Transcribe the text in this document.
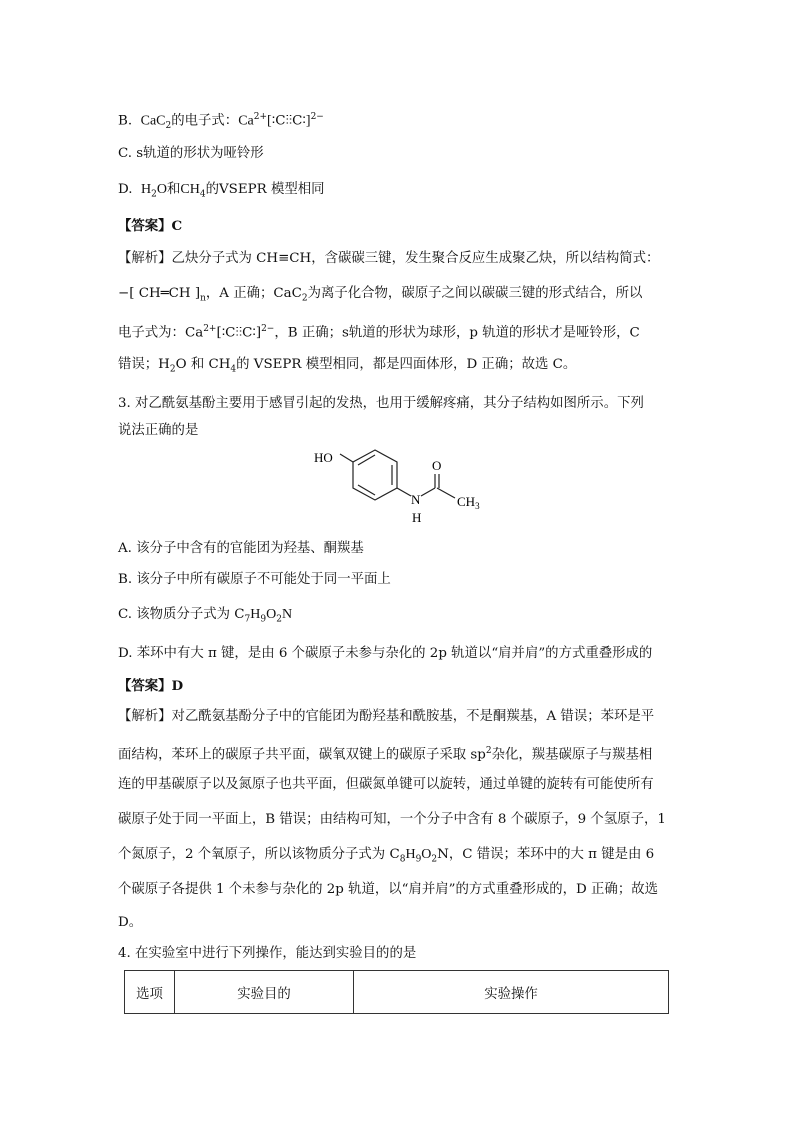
B. CaC$_2$的电子式：$Ca^{2+}[∶C⫶⫶C∶]^{2-}$
C. s轨道的形状为哑铃形
D. $H_2O$和$CH_4$的VSEPR 模型相同
【答案】C
【解析】乙炔分子式为 CH≡CH，含碳碳三键，发生聚合反应生成聚乙炔，所以结构简式：
−[ CH═CH ]$_n$，A 正确；CaC$_2$为离子化合物，碳原子之间以碳碳三键的形式结合，所以
电子式为：$Ca^{2+}[∶C⫶⫶C∶]^{2-}$，B 正确；s轨道的形状为球形，p 轨道的形状才是哑铃形，C
错误；$H_2O$ 和 $CH_4$的 VSEPR 模型相同，都是四面体形，D 正确；故选 C。
3. 对乙酰氨基酚主要用于感冒引起的发热，也用于缓解疼痛，其分子结构如图所示。下列
说法正确的是
HO
O
N
H
$CH_3$
A. 该分子中含有的官能团为羟基、酮羰基
B. 该分子中所有碳原子不可能处于同一平面上
C. 该物质分子式为 $C_7H_9O_2N$
D. 苯环中有大 π 键，是由 6 个碳原子未参与杂化的 2p 轨道以“肩并肩”的方式重叠形成的
【答案】D
【解析】对乙酰氨基酚分子中的官能团为酚羟基和酰胺基，不是酮羰基，A 错误；苯环是平
面结构，苯环上的碳原子共平面，碳氧双键上的碳原子采取 $sp^2$杂化，羰基碳原子与羰基相
连的甲基碳原子以及氮原子也共平面，但碳氮单键可以旋转，通过单键的旋转有可能使所有
碳原子处于同一平面上，B 错误；由结构可知，一个分子中含有 8 个碳原子，9 个氢原子，1
个氮原子，2 个氧原子，所以该物质分子式为 $C_8H_9O_2N$，C 错误；苯环中的大 π 键是由 6
个碳原子各提供 1 个未参与杂化的 2p 轨道，以“肩并肩”的方式重叠形成的，D 正确；故选
D。
4. 在实验室中进行下列操作，能达到实验目的的是
选项	实验目的	实验操作
